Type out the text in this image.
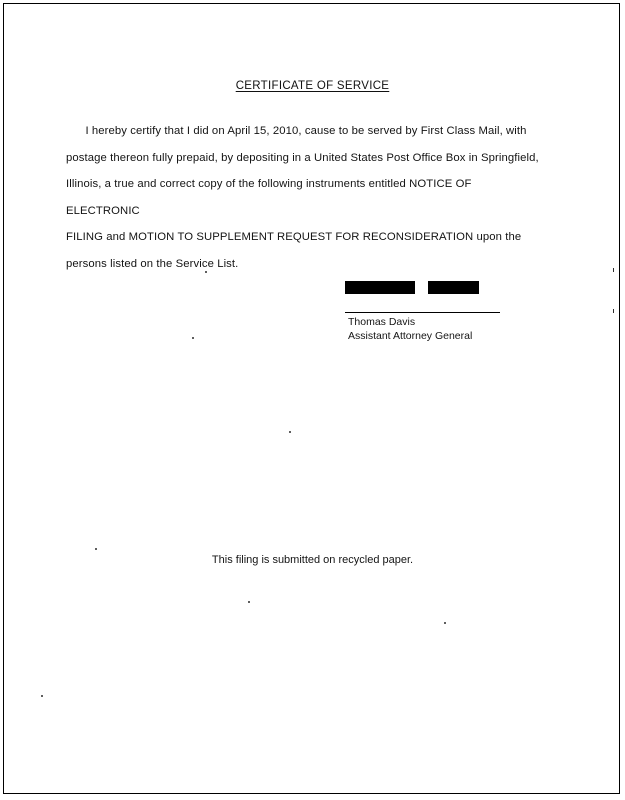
CERTIFICATE OF SERVICE
I hereby certify that I did on April 15, 2010, cause to be served by First Class Mail, with
postage thereon fully prepaid, by depositing in a United States Post Office Box in Springfield,
Illinois, a true and correct copy of the following instruments entitled NOTICE OF ELECTRONIC
FILING and MOTION TO SUPPLEMENT REQUEST FOR RECONSIDERATION upon the
persons listed on the Service List.
Thomas Davis
Assistant Attorney General
This filing is submitted on recycled paper.
